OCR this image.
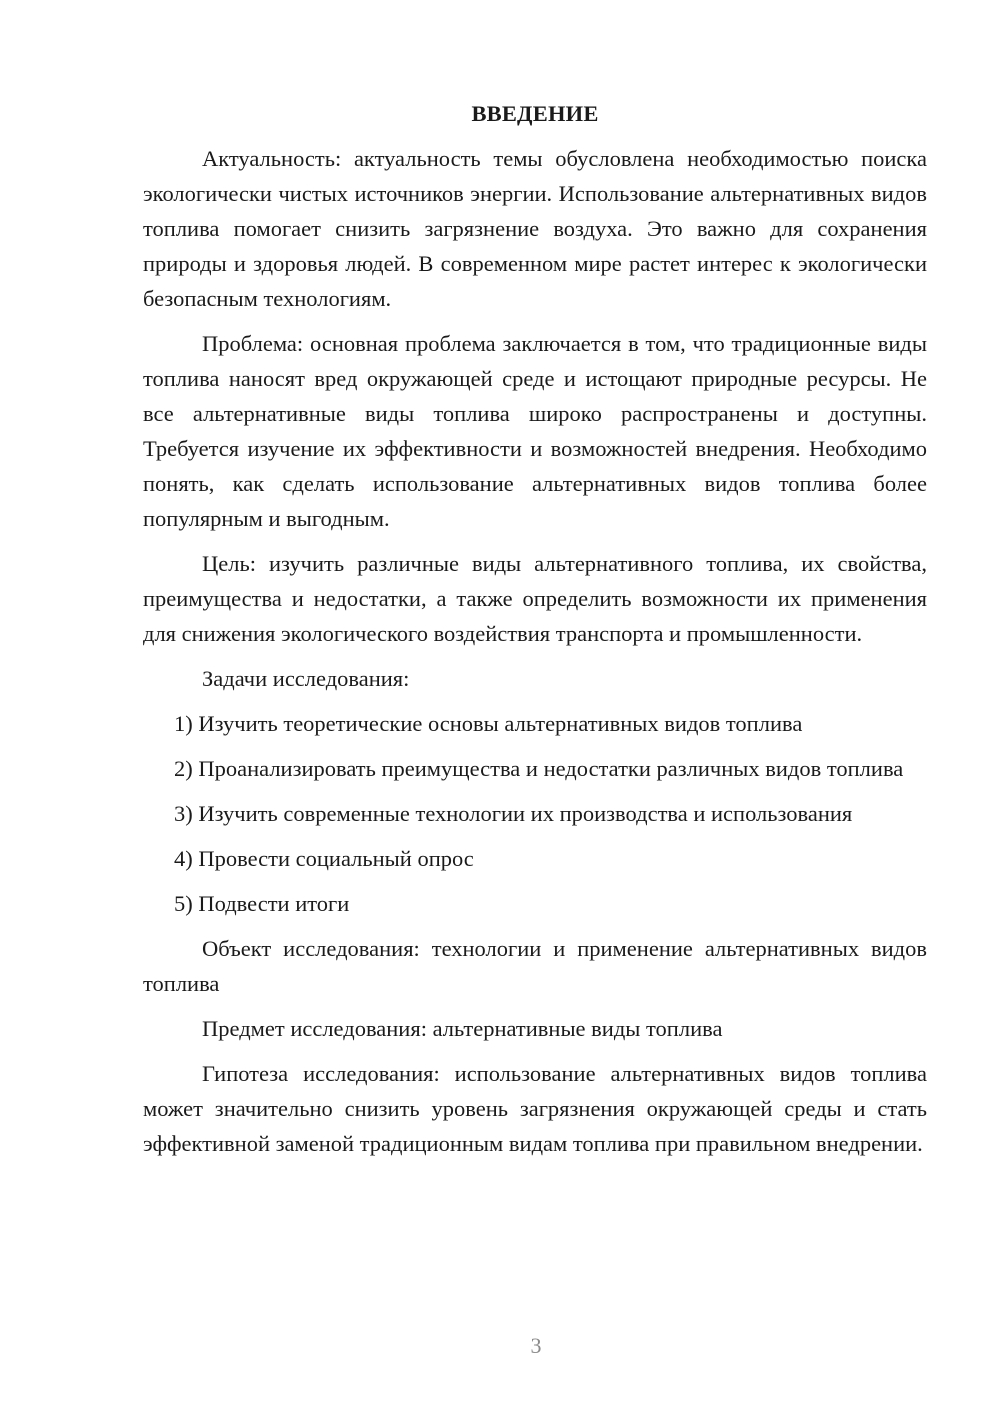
ВВЕДЕНИЕ

Актуальность: актуальность темы обусловлена необходимостью поиска экологически чистых источников энергии. Использование альтернативных видов топлива помогает снизить загрязнение воздуха. Это важно для сохранения природы и здоровья людей. В современном мире растет интерес к экологически безопасным технологиям.

Проблема: основная проблема заключается в том, что традиционные виды топлива наносят вред окружающей среде и истощают природные ресурсы. Не все альтернативные виды топлива широко распространены и доступны. Требуется изучение их эффективности и возможностей внедрения. Необходимо понять, как сделать использование альтернативных видов топлива более популярным и выгодным.

Цель: изучить различные виды альтернативного топлива, их свойства, преимущества и недостатки, а также определить возможности их применения для снижения экологического воздействия транспорта и промышленности.

Задачи исследования:

1) Изучить теоретические основы альтернативных видов топлива

2) Проанализировать преимущества и недостатки различных видов топлива

3) Изучить современные технологии их производства и использования

4) Провести социальный опрос

5) Подвести итоги

Объект исследования: технологии и применение альтернативных видов топлива

Предмет исследования: альтернативные виды топлива

Гипотеза исследования: использование альтернативных видов топлива может значительно снизить уровень загрязнения окружающей среды и стать эффективной заменой традиционным видам топлива при правильном внедрении.

3
